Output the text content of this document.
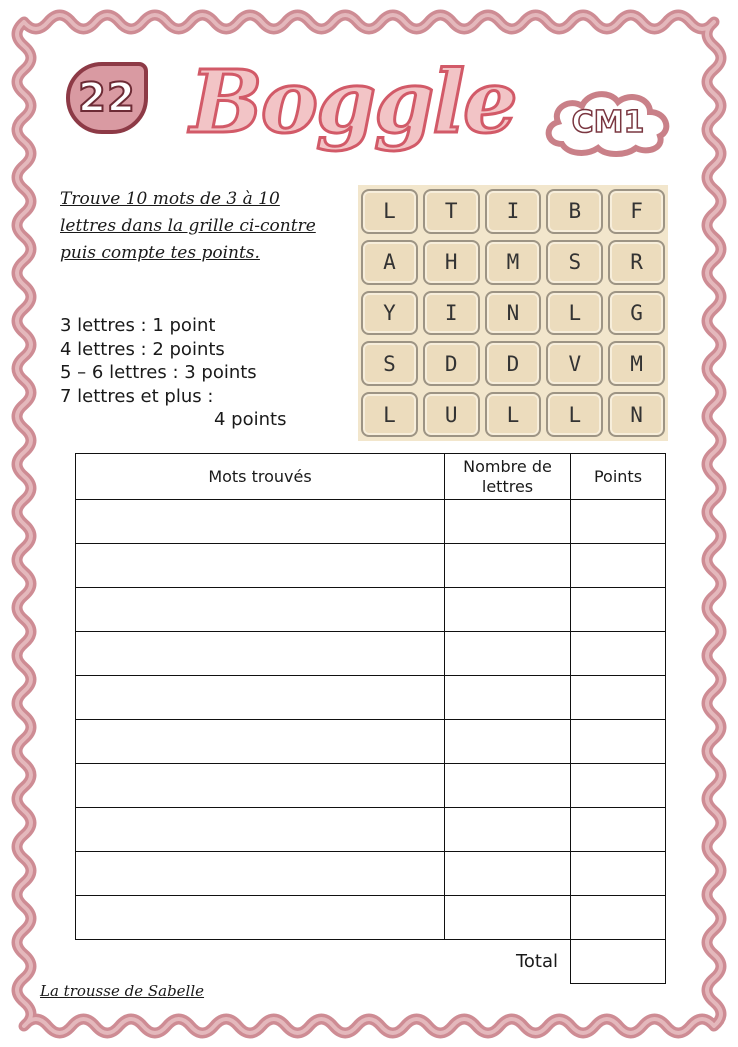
22 Boggle	CM1
Trouve 10 mots de 3 à 10 lettres dans la grille ci-contre puis compte tes points.
3 lettres : 1 point
4 lettres : 2 points
5 – 6 lettres : 3 points
7 lettres et plus :
4 points
L	T	I	B	F
A	H	M	S	R
Y	I	N	L	G
S	D	D	V	M
L	U	L	L	N
Mots trouvés	Nombre de lettres	Points

	Total	
La trousse de Sabelle
